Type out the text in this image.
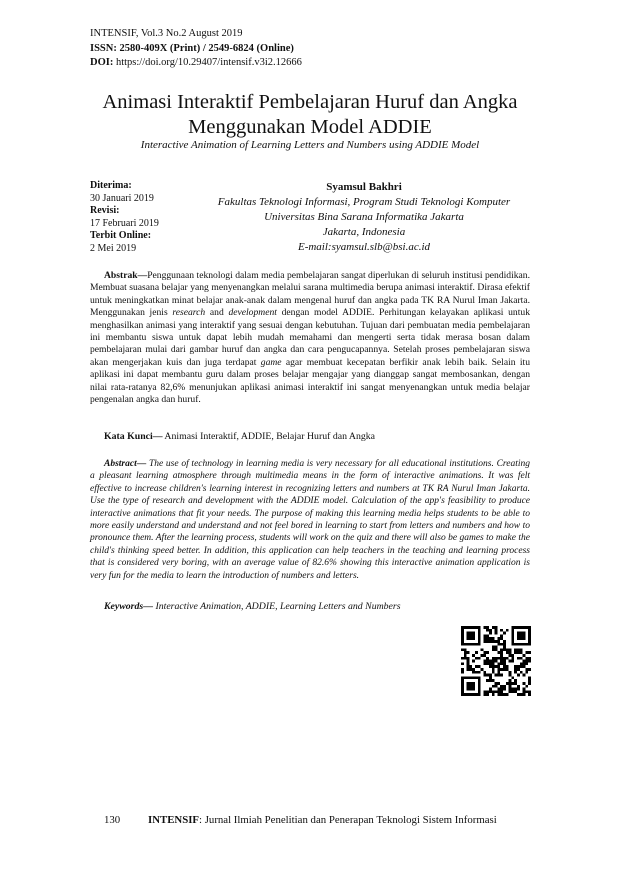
INTENSIF, Vol.3 No.2 August 2019
ISSN: 2580-409X (Print) / 2549-6824 (Online)
DOI: https://doi.org/10.29407/intensif.v3i2.12666
Animasi Interaktif Pembelajaran Huruf dan Angka
Menggunakan Model ADDIE
Interactive Animation of Learning Letters and Numbers using ADDIE Model
Diterima:
30 Januari 2019
Revisi:
17 Februari 2019
Terbit Online:
2 Mei 2019
Syamsul Bakhri
Fakultas Teknologi Informasi, Program Studi Teknologi Komputer
Universitas Bina Sarana Informatika Jakarta
Jakarta, Indonesia
E-mail:syamsul.slb@bsi.ac.id
Abstrak—Penggunaan teknologi dalam media pembelajaran sangat diperlukan di seluruh institusi pendidikan. Membuat suasana belajar yang menyenangkan melalui sarana multimedia berupa animasi interaktif. Dirasa efektif untuk meningkatkan minat belajar anak-anak dalam mengenal huruf dan angka pada TK RA Nurul Iman Jakarta. Menggunakan jenis research and development dengan model ADDIE. Perhitungan kelayakan aplikasi untuk menghasilkan animasi yang interaktif yang sesuai dengan kebutuhan. Tujuan dari pembuatan media pembelajaran ini membantu siswa untuk dapat lebih mudah memahami dan mengerti serta tidak merasa bosan dalam pembelajaran mulai dari gambar huruf dan angka dan cara pengucapannya. Setelah proses pembelajaran siswa akan mengerjakan kuis dan juga terdapat game agar membuat kecepatan berfikir anak lebih baik. Selain itu aplikasi ini dapat membantu guru dalam proses belajar mengajar yang dianggap sangat membosankan, dengan nilai rata-ratanya 82,6% menunjukan aplikasi animasi interaktif ini sangat menyenangkan untuk media belajar pengenalan angka dan huruf.
Kata Kunci— Animasi Interaktif, ADDIE, Belajar Huruf dan Angka
Abstract— The use of technology in learning media is very necessary for all educational institutions. Creating a pleasant learning atmosphere through multimedia means in the form of interactive animations. It was felt effective to increase children's learning interest in recognizing letters and numbers at TK RA Nurul Iman Jakarta. Use the type of research and development with the ADDIE model. Calculation of the app's feasibility to produce interactive animations that fit your needs. The purpose of making this learning media helps students to be able to more easily understand and understand and not feel bored in learning to start from letters and numbers and how to pronounce them. After the learning process, students will work on the quiz and there will also be games to make the child's thinking speed better. In addition, this application can help teachers in the teaching and learning process that is considered very boring, with an average value of 82.6% showing this interactive animation application is very fun for the media to learn the introduction of numbers and letters.
Keywords— Interactive Animation, ADDIE, Learning Letters and Numbers
130	INTENSIF: Jurnal Ilmiah Penelitian dan Penerapan Teknologi Sistem Informasi
